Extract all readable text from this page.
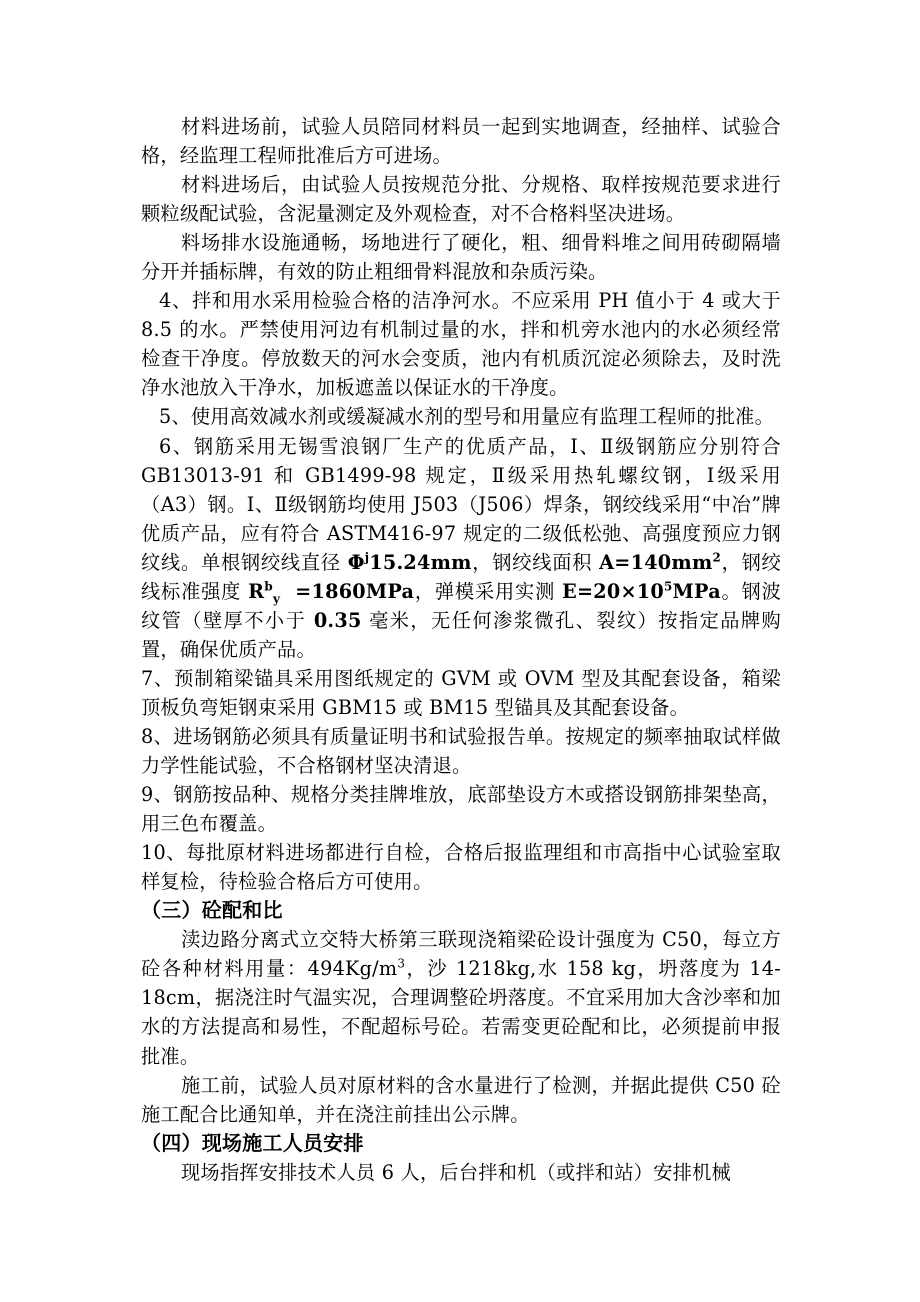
材料进场前，试验人员陪同材料员一起到实地调查，经抽样、试验合格，经监理工程师批准后方可进场。

材料进场后，由试验人员按规范分批、分规格、取样按规范要求进行颗粒级配试验，含泥量测定及外观检查，对不合格料坚决进场。

料场排水设施通畅，场地进行了硬化，粗、细骨料堆之间用砖砌隔墙分开并插标牌，有效的防止粗细骨料混放和杂质污染。

4、拌和用水采用检验合格的洁净河水。不应采用 PH 值小于 4 或大于 8.5 的水。严禁使用河边有机制过量的水，拌和机旁水池内的水必须经常检查干净度。停放数天的河水会变质，池内有机质沉淀必须除去，及时洗净水池放入干净水，加板遮盖以保证水的干净度。

5、使用高效减水剂或缓凝减水剂的型号和用量应有监理工程师的批准。

6、钢筋采用无锡雪浪钢厂生产的优质产品，Ⅰ、Ⅱ级钢筋应分别符合 GB13013-91 和 GB1499-98 规定，Ⅱ级采用热轧螺纹钢，Ⅰ级采用（A3）钢。Ⅰ、Ⅱ级钢筋均使用 J503（J506）焊条，钢绞线采用“中冶”牌优质产品，应有符合 ASTM416-97 规定的二级低松弛、高强度预应力钢纹线。单根钢绞线直径 $\Phi^j15.24mm$，钢绞线面积 $A=140mm^2$，钢绞线标准强度 $R^b_y =1860MPa$，弹模采用实测 $E=20\times 10^5MPa$。钢波纹管（壁厚不小于 0.35 毫米，无任何渗浆微孔、裂纹）按指定品牌购置，确保优质产品。

7、预制箱梁锚具采用图纸规定的 GVM 或 OVM 型及其配套设备，箱梁顶板负弯矩钢束采用 GBM15 或 BM15 型锚具及其配套设备。

8、进场钢筋必须具有质量证明书和试验报告单。按规定的频率抽取试样做力学性能试验，不合格钢材坚决清退。

9、钢筋按品种、规格分类挂牌堆放，底部垫设方木或搭设钢筋排架垫高，用三色布覆盖。

10、每批原材料进场都进行自检，合格后报监理组和市高指中心试验室取样复检，待检验合格后方可使用。

（三）砼配和比

渎边路分离式立交特大桥第三联现浇箱梁砼设计强度为 C50，每立方砼各种材料用量：$494Kg/m^3$，沙 1218kg,水 158 kg，坍落度为 14-18cm，据浇注时气温实况，合理调整砼坍落度。不宜采用加大含沙率和加水的方法提高和易性，不配超标号砼。若需变更砼配和比，必须提前申报批准。

施工前，试验人员对原材料的含水量进行了检测，并据此提供 C50 砼施工配合比通知单，并在浇注前挂出公示牌。

（四）现场施工人员安排

现场指挥安排技术人员 6 人，后台拌和机（或拌和站）安排机械
